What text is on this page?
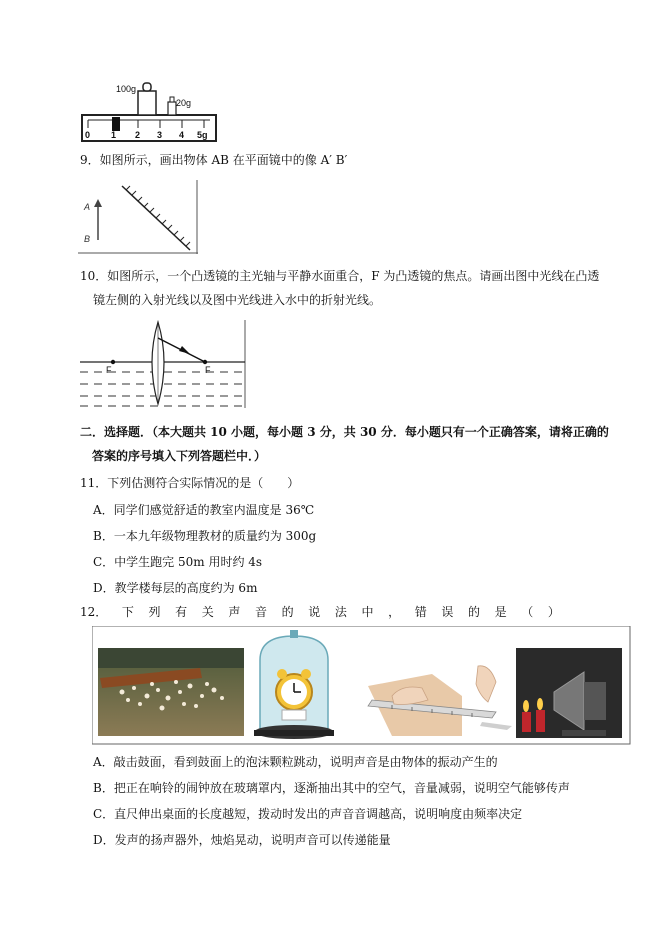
100g
20g
0 1 2 3 4 5g
9．如图所示，画出物体 AB 在平面镜中的像 A′ B′
A
B
10．如图所示，一个凸透镜的主光轴与平静水面重合，F 为凸透镜的焦点。请画出图中光线在凸透
镜左侧的入射光线以及图中光线进入水中的折射光线。
F	F
二．选择题．（本大题共 10 小题，每小题 3 分，共 30 分．每小题只有一个正确答案，请将正确的
答案的序号填入下列答题栏中．）
11．下列估测符合实际情况的是（　　）
A．同学们感觉舒适的教室内温度是 36℃
B．一本九年级物理教材的质量约为 300g
C．中学生跑完 50m 用时约 4s
D．教学楼每层的高度约为 6m
12． 下 列 有 关 声 音 的 说 法 中 ， 错 误 的 是 （ ）
A．敲击鼓面，看到鼓面上的泡沫颗粒跳动，说明声音是由物体的振动产生的
B．把正在响铃的闹钟放在玻璃罩内，逐渐抽出其中的空气，音量减弱，说明空气能够传声
C．直尺伸出桌面的长度越短，拨动时发出的声音音调越高，说明响度由频率决定
D．发声的扬声器外，烛焰晃动，说明声音可以传递能量
